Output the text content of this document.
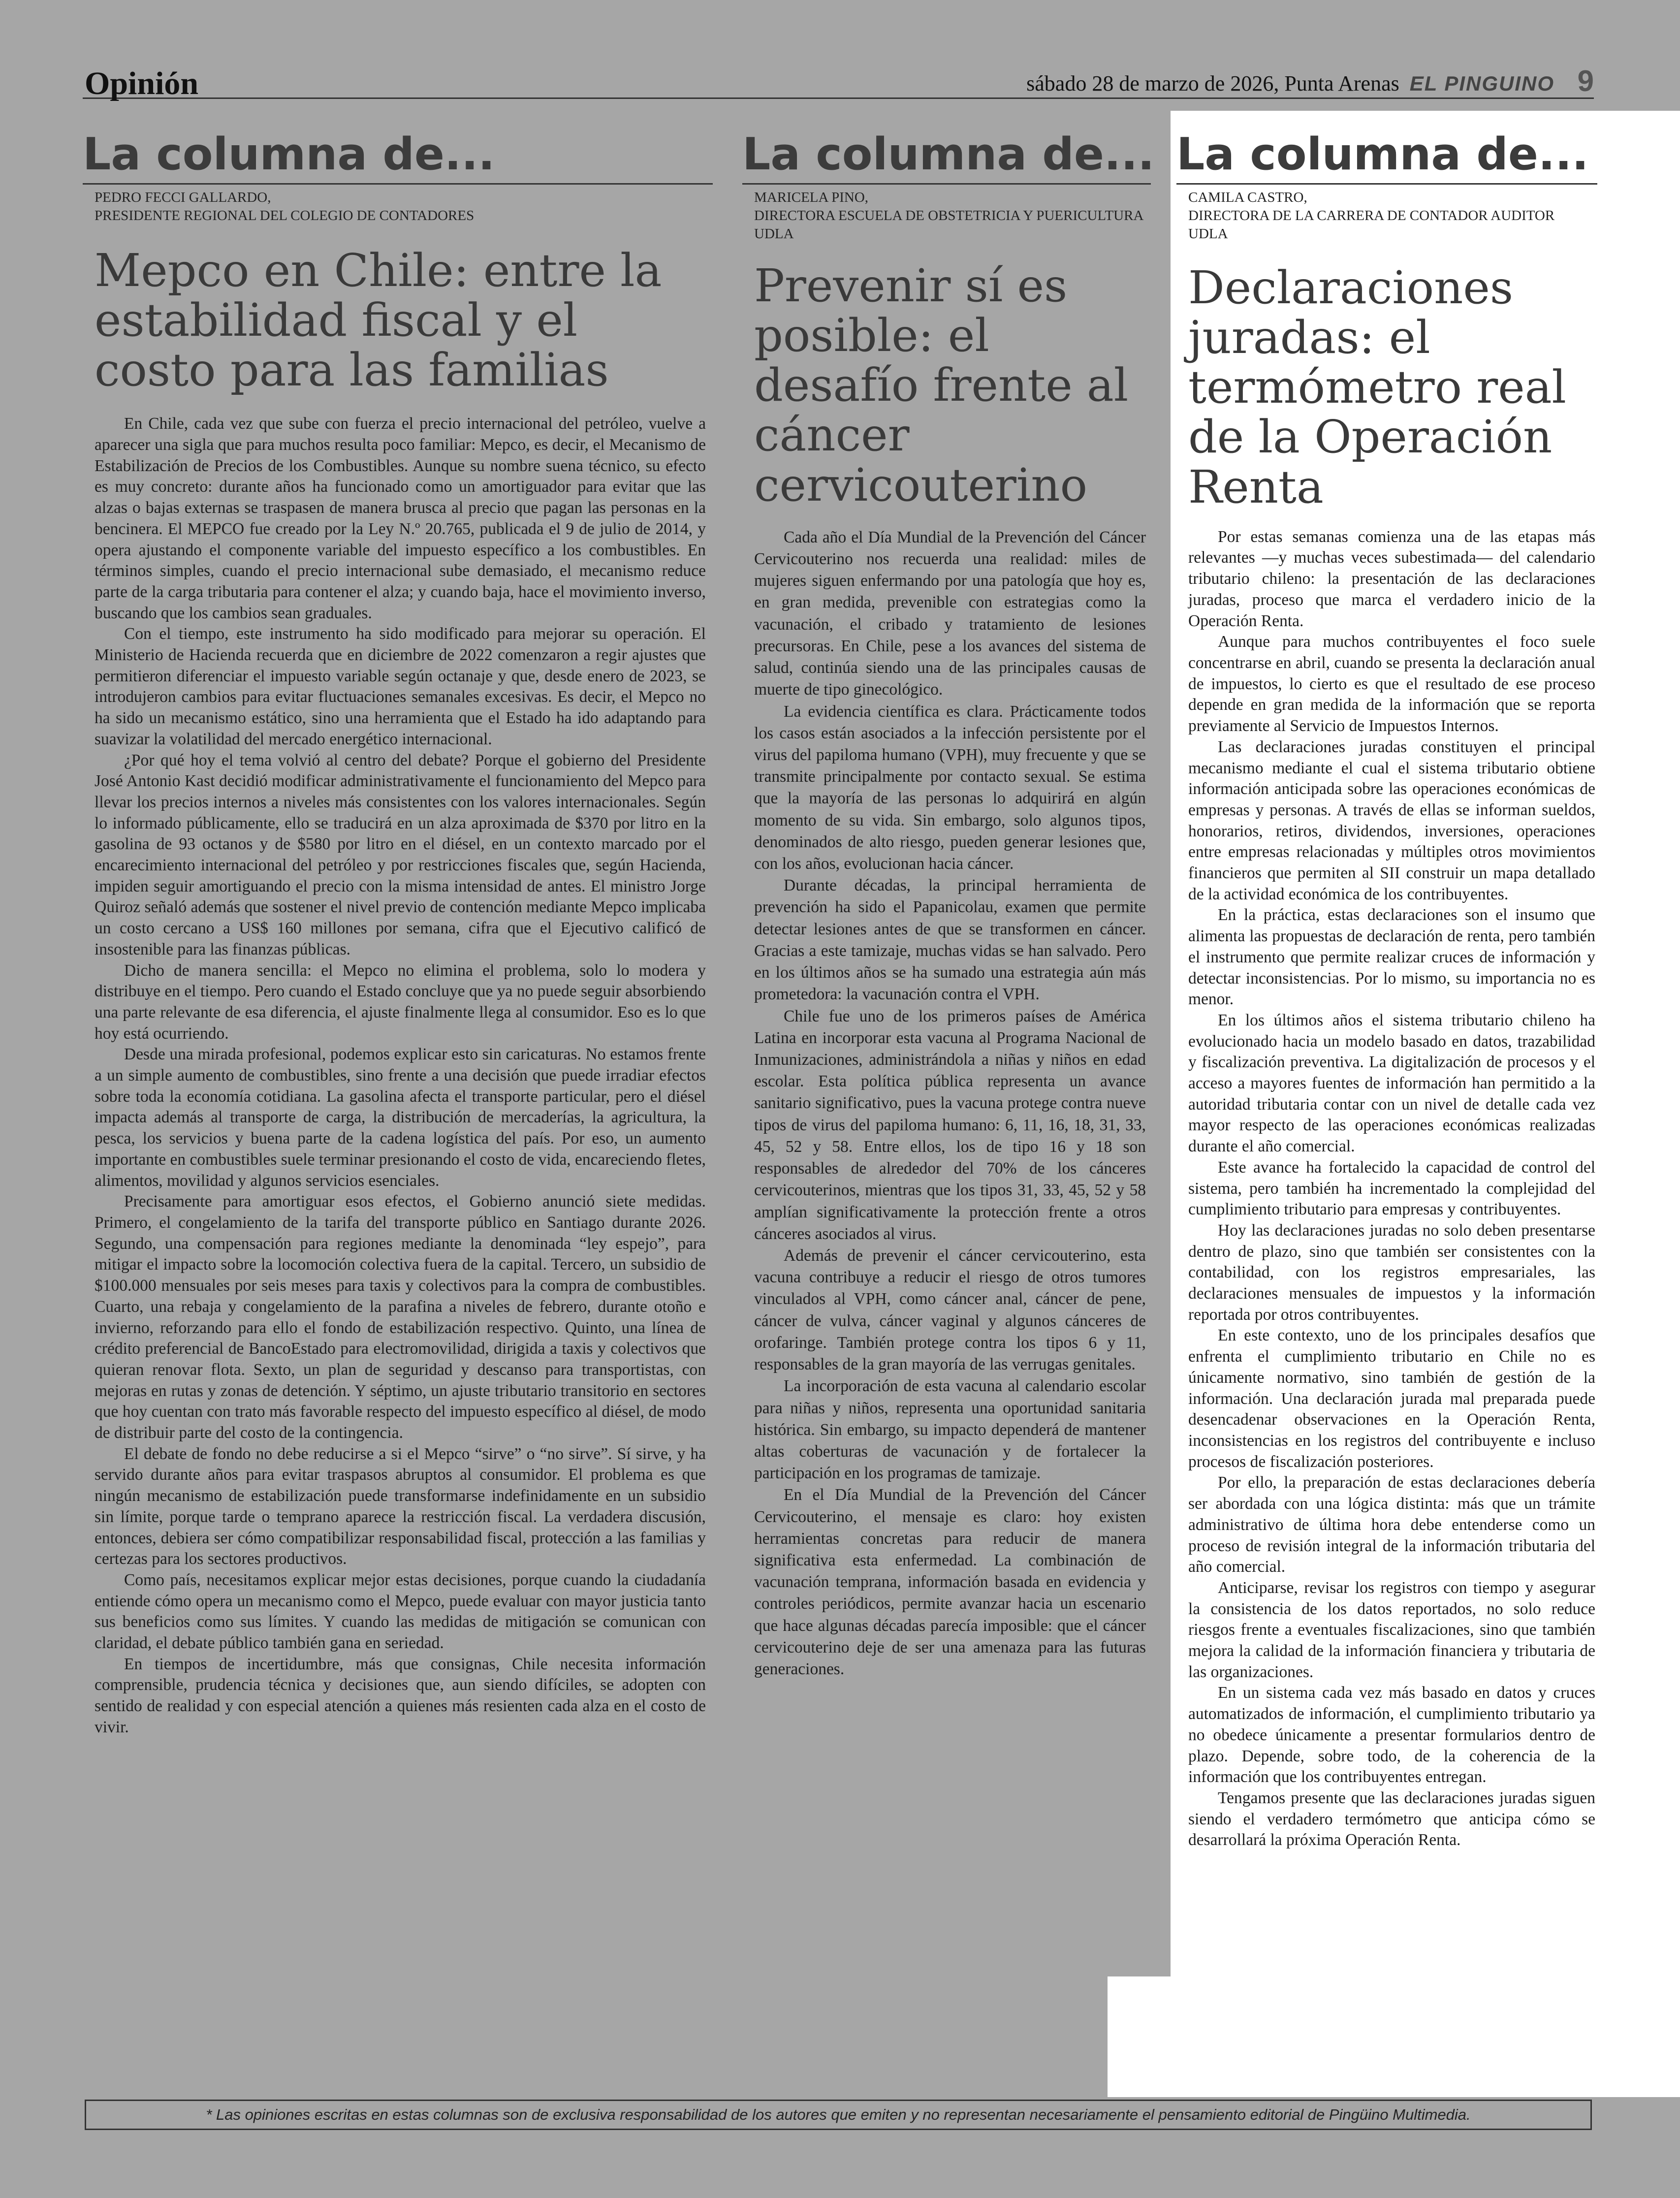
Opinión	sábado 28 de marzo de 2026, Punta Arenas EL PINGUINO 9
La columna de...
PEDRO FECCI GALLARDO,
PRESIDENTE REGIONAL DEL COLEGIO DE CONTADORES
Mepco en Chile: entre la estabilidad fiscal y el costo para las familias

En Chile, cada vez que sube con fuerza el precio internacional del petróleo, vuelve a aparecer una sigla que para muchos resulta poco familiar: Mepco, es decir, el Mecanismo de Estabilización de Precios de los Combustibles. Aunque su nombre suena técnico, su efecto es muy concreto: durante años ha funcionado como un amortiguador para evitar que las alzas o bajas externas se traspasen de manera brusca al precio que pagan las personas en la bencinera. El MEPCO fue creado por la Ley N.º 20.765, publicada el 9 de julio de 2014, y opera ajustando el componente variable del impuesto específico a los combustibles. En términos simples, cuando el precio internacional sube demasiado, el mecanismo reduce parte de la carga tributaria para contener el alza; y cuando baja, hace el movimiento inverso, buscando que los cambios sean graduales.

Con el tiempo, este instrumento ha sido modificado para mejorar su operación. El Ministerio de Hacienda recuerda que en diciembre de 2022 comenzaron a regir ajustes que permitieron diferenciar el impuesto variable según octanaje y que, desde enero de 2023, se introdujeron cambios para evitar fluctuaciones semanales excesivas. Es decir, el Mepco no ha sido un mecanismo estático, sino una herramienta que el Estado ha ido adaptando para suavizar la volatilidad del mercado energético internacional.

¿Por qué hoy el tema volvió al centro del debate? Porque el gobierno del Presidente José Antonio Kast decidió modificar administrativamente el funcionamiento del Mepco para llevar los precios internos a niveles más consistentes con los valores internacionales. Según lo informado públicamente, ello se traducirá en un alza aproximada de $370 por litro en la gasolina de 93 octanos y de $580 por litro en el diésel, en un contexto marcado por el encarecimiento internacional del petróleo y por restricciones fiscales que, según Hacienda, impiden seguir amortiguando el precio con la misma intensidad de antes. El ministro Jorge Quiroz señaló además que sostener el nivel previo de contención mediante Mepco implicaba un costo cercano a US$ 160 millones por semana, cifra que el Ejecutivo calificó de insostenible para las finanzas públicas.

Dicho de manera sencilla: el Mepco no elimina el problema, solo lo modera y distribuye en el tiempo. Pero cuando el Estado concluye que ya no puede seguir absorbiendo una parte relevante de esa diferencia, el ajuste finalmente llega al consumidor. Eso es lo que hoy está ocurriendo.

Desde una mirada profesional, podemos explicar esto sin caricaturas. No estamos frente a un simple aumento de combustibles, sino frente a una decisión que puede irradiar efectos sobre toda la economía cotidiana. La gasolina afecta el transporte particular, pero el diésel impacta además al transporte de carga, la distribución de mercaderías, la agricultura, la pesca, los servicios y buena parte de la cadena logística del país. Por eso, un aumento importante en combustibles suele terminar presionando el costo de vida, encareciendo fletes, alimentos, movilidad y algunos servicios esenciales.

Precisamente para amortiguar esos efectos, el Gobierno anunció siete medidas. Primero, el congelamiento de la tarifa del transporte público en Santiago durante 2026. Segundo, una compensación para regiones mediante la denominada “ley espejo”, para mitigar el impacto sobre la locomoción colectiva fuera de la capital. Tercero, un subsidio de $100.000 mensuales por seis meses para taxis y colectivos para la compra de combustibles. Cuarto, una rebaja y congelamiento de la parafina a niveles de febrero, durante otoño e invierno, reforzando para ello el fondo de estabilización respectivo. Quinto, una línea de crédito preferencial de BancoEstado para electromovilidad, dirigida a taxis y colectivos que quieran renovar flota. Sexto, un plan de seguridad y descanso para transportistas, con mejoras en rutas y zonas de detención. Y séptimo, un ajuste tributario transitorio en sectores que hoy cuentan con trato más favorable respecto del impuesto específico al diésel, de modo de distribuir parte del costo de la contingencia.

El debate de fondo no debe reducirse a si el Mepco “sirve” o “no sirve”. Sí sirve, y ha servido durante años para evitar traspasos abruptos al consumidor. El problema es que ningún mecanismo de estabilización puede transformarse indefinidamente en un subsidio sin límite, porque tarde o temprano aparece la restricción fiscal. La verdadera discusión, entonces, debiera ser cómo compatibilizar responsabilidad fiscal, protección a las familias y certezas para los sectores productivos.

Como país, necesitamos explicar mejor estas decisiones, porque cuando la ciudadanía entiende cómo opera un mecanismo como el Mepco, puede evaluar con mayor justicia tanto sus beneficios como sus límites. Y cuando las medidas de mitigación se comunican con claridad, el debate público también gana en seriedad.

En tiempos de incertidumbre, más que consignas, Chile necesita información comprensible, prudencia técnica y decisiones que, aun siendo difíciles, se adopten con sentido de realidad y con especial atención a quienes más resienten cada alza en el costo de vivir.

La columna de...
MARICELA PINO,
DIRECTORA ESCUELA DE OBSTETRICIA Y PUERICULTURA UDLA
Prevenir sí es posible: el desafío frente al cáncer cervicouterino

Cada año el Día Mundial de la Prevención del Cáncer Cervicouterino nos recuerda una realidad: miles de mujeres siguen enfermando por una patología que hoy es, en gran medida, prevenible con estrategias como la vacunación, el cribado y tratamiento de lesiones precursoras. En Chile, pese a los avances del sistema de salud, continúa siendo una de las principales causas de muerte de tipo ginecológico.

La evidencia científica es clara. Prácticamente todos los casos están asociados a la infección persistente por el virus del papiloma humano (VPH), muy frecuente y que se transmite principalmente por contacto sexual. Se estima que la mayoría de las personas lo adquirirá en algún momento de su vida. Sin embargo, solo algunos tipos, denominados de alto riesgo, pueden generar lesiones que, con los años, evolucionan hacia cáncer.

Durante décadas, la principal herramienta de prevención ha sido el Papanicolau, examen que permite detectar lesiones antes de que se transformen en cáncer. Gracias a este tamizaje, muchas vidas se han salvado. Pero en los últimos años se ha sumado una estrategia aún más prometedora: la vacunación contra el VPH.

Chile fue uno de los primeros países de América Latina en incorporar esta vacuna al Programa Nacional de Inmunizaciones, administrándola a niñas y niños en edad escolar. Esta política pública representa un avance sanitario significativo, pues la vacuna protege contra nueve tipos de virus del papiloma humano: 6, 11, 16, 18, 31, 33, 45, 52 y 58. Entre ellos, los de tipo 16 y 18 son responsables de alrededor del 70% de los cánceres cervicouterinos, mientras que los tipos 31, 33, 45, 52 y 58 amplían significativamente la protección frente a otros cánceres asociados al virus.

Además de prevenir el cáncer cervicouterino, esta vacuna contribuye a reducir el riesgo de otros tumores vinculados al VPH, como cáncer anal, cáncer de pene, cáncer de vulva, cáncer vaginal y algunos cánceres de orofaringe. También protege contra los tipos 6 y 11, responsables de la gran mayoría de las verrugas genitales.

La incorporación de esta vacuna al calendario escolar para niñas y niños, representa una oportunidad sanitaria histórica. Sin embargo, su impacto dependerá de mantener altas coberturas de vacunación y de fortalecer la participación en los programas de tamizaje.

En el Día Mundial de la Prevención del Cáncer Cervicouterino, el mensaje es claro: hoy existen herramientas concretas para reducir de manera significativa esta enfermedad. La combinación de vacunación temprana, información basada en evidencia y controles periódicos, permite avanzar hacia un escenario que hace algunas décadas parecía imposible: que el cáncer cervicouterino deje de ser una amenaza para las futuras generaciones.

La columna de...
CAMILA CASTRO,
DIRECTORA DE LA CARRERA DE CONTADOR AUDITOR UDLA
Declaraciones juradas: el termómetro real de la Operación Renta

Por estas semanas comienza una de las etapas más relevantes —y muchas veces subestimada— del calendario tributario chileno: la presentación de las declaraciones juradas, proceso que marca el verdadero inicio de la Operación Renta.

Aunque para muchos contribuyentes el foco suele concentrarse en abril, cuando se presenta la declaración anual de impuestos, lo cierto es que el resultado de ese proceso depende en gran medida de la información que se reporta previamente al Servicio de Impuestos Internos.

Las declaraciones juradas constituyen el principal mecanismo mediante el cual el sistema tributario obtiene información anticipada sobre las operaciones económicas de empresas y personas. A través de ellas se informan sueldos, honorarios, retiros, dividendos, inversiones, operaciones entre empresas relacionadas y múltiples otros movimientos financieros que permiten al SII construir un mapa detallado de la actividad económica de los contribuyentes.

En la práctica, estas declaraciones son el insumo que alimenta las propuestas de declaración de renta, pero también el instrumento que permite realizar cruces de información y detectar inconsistencias. Por lo mismo, su importancia no es menor.

En los últimos años el sistema tributario chileno ha evolucionado hacia un modelo basado en datos, trazabilidad y fiscalización preventiva. La digitalización de procesos y el acceso a mayores fuentes de información han permitido a la autoridad tributaria contar con un nivel de detalle cada vez mayor respecto de las operaciones económicas realizadas durante el año comercial.

Este avance ha fortalecido la capacidad de control del sistema, pero también ha incrementado la complejidad del cumplimiento tributario para empresas y contribuyentes.

Hoy las declaraciones juradas no solo deben presentarse dentro de plazo, sino que también ser consistentes con la contabilidad, con los registros empresariales, las declaraciones mensuales de impuestos y la información reportada por otros contribuyentes.

En este contexto, uno de los principales desafíos que enfrenta el cumplimiento tributario en Chile no es únicamente normativo, sino también de gestión de la información. Una declaración jurada mal preparada puede desencadenar observaciones en la Operación Renta, inconsistencias en los registros del contribuyente e incluso procesos de fiscalización posteriores.

Por ello, la preparación de estas declaraciones debería ser abordada con una lógica distinta: más que un trámite administrativo de última hora debe entenderse como un proceso de revisión integral de la información tributaria del año comercial.

Anticiparse, revisar los registros con tiempo y asegurar la consistencia de los datos reportados, no solo reduce riesgos frente a eventuales fiscalizaciones, sino que también mejora la calidad de la información financiera y tributaria de las organizaciones.

En un sistema cada vez más basado en datos y cruces automatizados de información, el cumplimiento tributario ya no obedece únicamente a presentar formularios dentro de plazo. Depende, sobre todo, de la coherencia de la información que los contribuyentes entregan.

Tengamos presente que las declaraciones juradas siguen siendo el verdadero termómetro que anticipa cómo se desarrollará la próxima Operación Renta.

* Las opiniones escritas en estas columnas son de exclusiva responsabilidad de los autores que emiten y no representan necesariamente el pensamiento editorial de Pingüino Multimedia.
